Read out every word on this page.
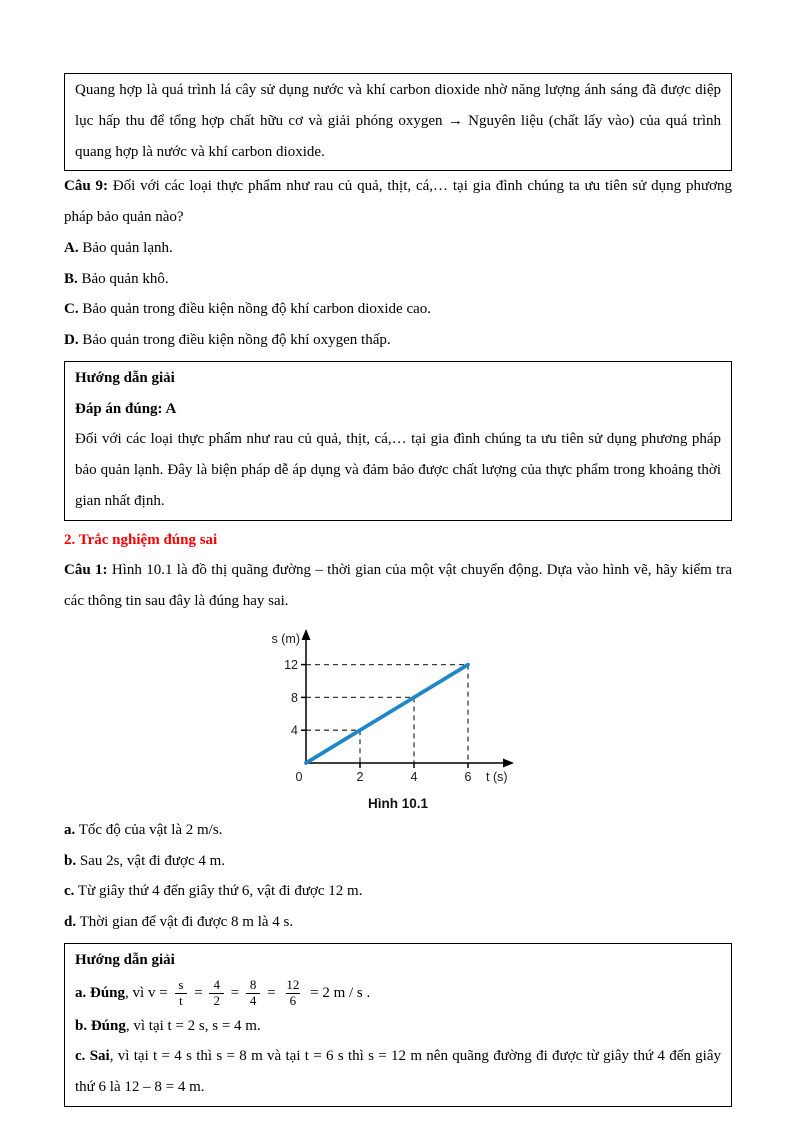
Quang hợp là quá trình lá cây sử dụng nước và khí carbon dioxide nhờ năng lượng ánh sáng đã được diệp lục hấp thu để tổng hợp chất hữu cơ và giải phóng oxygen → Nguyên liệu (chất lấy vào) của quá trình quang hợp là nước và khí carbon dioxide.

Câu 9: Đối với các loại thực phẩm như rau củ quả, thịt, cá,… tại gia đình chúng ta ưu tiên sử dụng phương pháp bảo quản nào?

A. Bảo quản lạnh.
B. Bảo quản khô.
C. Bảo quản trong điều kiện nồng độ khí carbon dioxide cao.
D. Bảo quản trong điều kiện nồng độ khí oxygen thấp.

Hướng dẫn giải

Đáp án đúng: A

Đối với các loại thực phẩm như rau củ quả, thịt, cá,… tại gia đình chúng ta ưu tiên sử dụng phương pháp bảo quản lạnh. Đây là biện pháp dễ áp dụng và đảm bảo được chất lượng của thực phẩm trong khoảng thời gian nhất định.

2. Trắc nghiệm đúng sai

Câu 1: Hình 10.1 là đồ thị quãng đường – thời gian của một vật chuyển động. Dựa vào hình vẽ, hãy kiểm tra các thông tin sau đây là đúng hay sai.

4
8
12
2	4	6
s (m)
t (s)
0
Hình 10.1
a. Tốc độ của vật là 2 m/s.
b. Sau 2s, vật đi được 4 m.
c. Từ giây thứ 4 đến giây thứ 6, vật đi được 12 m.
d. Thời gian để vật đi được 8 m là 4 s.

Hướng dẫn giải

a. Đúng, vì $v = \frac{s}{t} = \frac{4}{2} = \frac{8}{4} = \frac{12}{6} = 2$ m / s .

b. Đúng, vì tại t = 2 s, s = 4 m.

c. Sai, vì tại t = 4 s thì s = 8 m và tại t = 6 s thì s = 12 m nên quãng đường đi được từ giây thứ 4 đến giây thứ 6 là 12 – 8 = 4 m.
